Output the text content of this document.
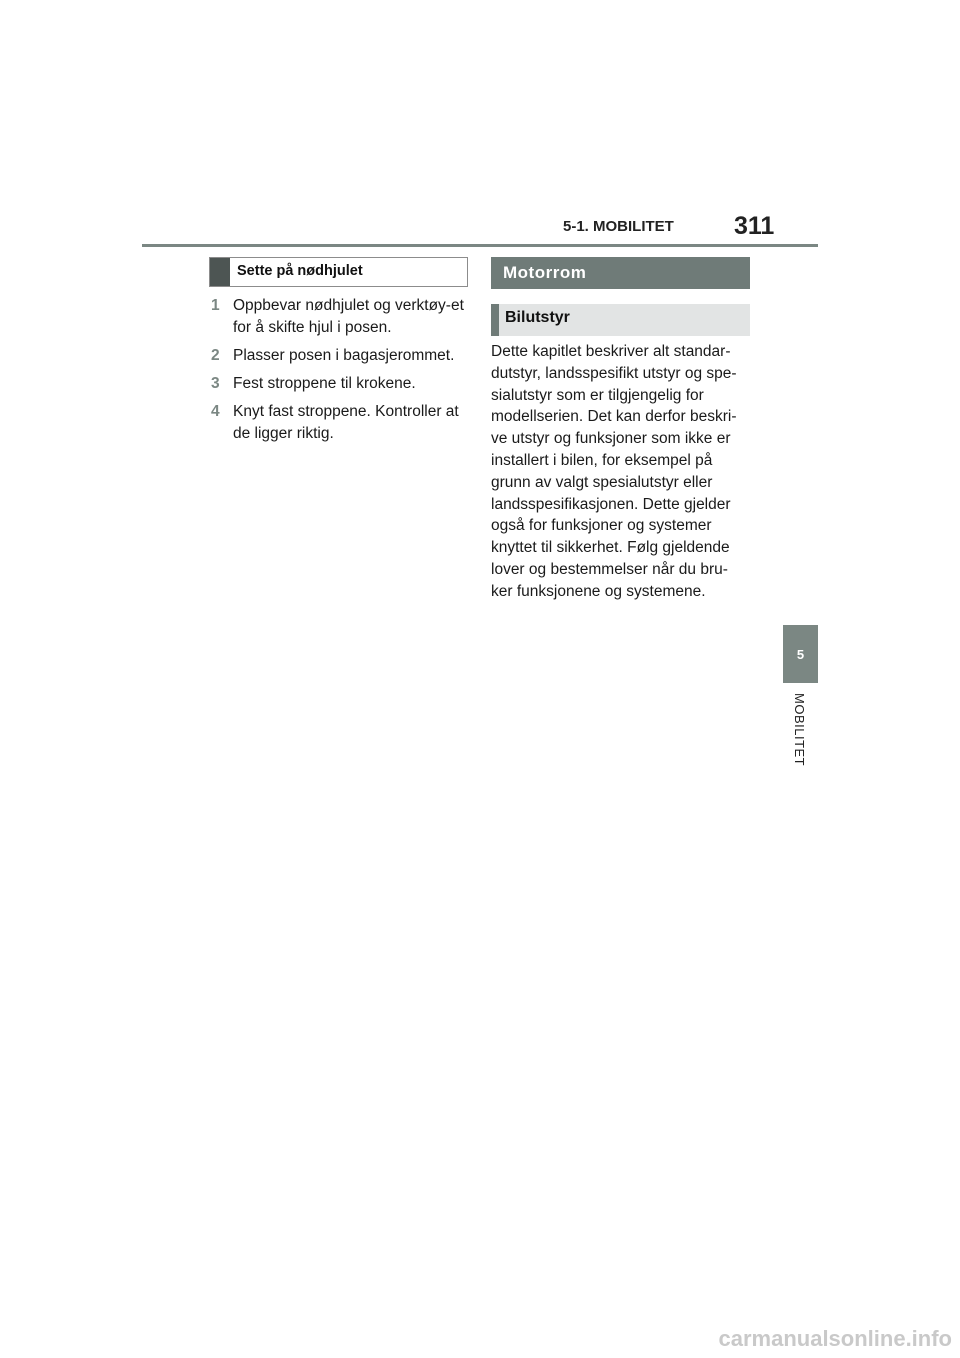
5-1. MOBILITET 311
5
MOBILITET
Sette på nødhjulet
1 Oppbevar nødhjulet og verktøy-et for å skifte hjul i posen.
2 Plasser posen i bagasjerommet.
3 Fest stroppene til krokene.
4 Knyt fast stroppene. Kontroller at de ligger riktig.
Motorrom
Bilutstyr
Dette kapitlet beskriver alt standar-
dutstyr, landsspesifikt utstyr og spe-
sialutstyr som er tilgjengelig for
modellserien. Det kan derfor beskri-
ve utstyr og funksjoner som ikke er
installert i bilen, for eksempel på
grunn av valgt spesialutstyr eller
landsspesifikasjonen. Dette gjelder
også for funksjoner og systemer
knyttet til sikkerhet. Følg gjeldende
lover og bestemmelser når du bru-
ker funksjonene og systemene.
carmanualsonline.info
